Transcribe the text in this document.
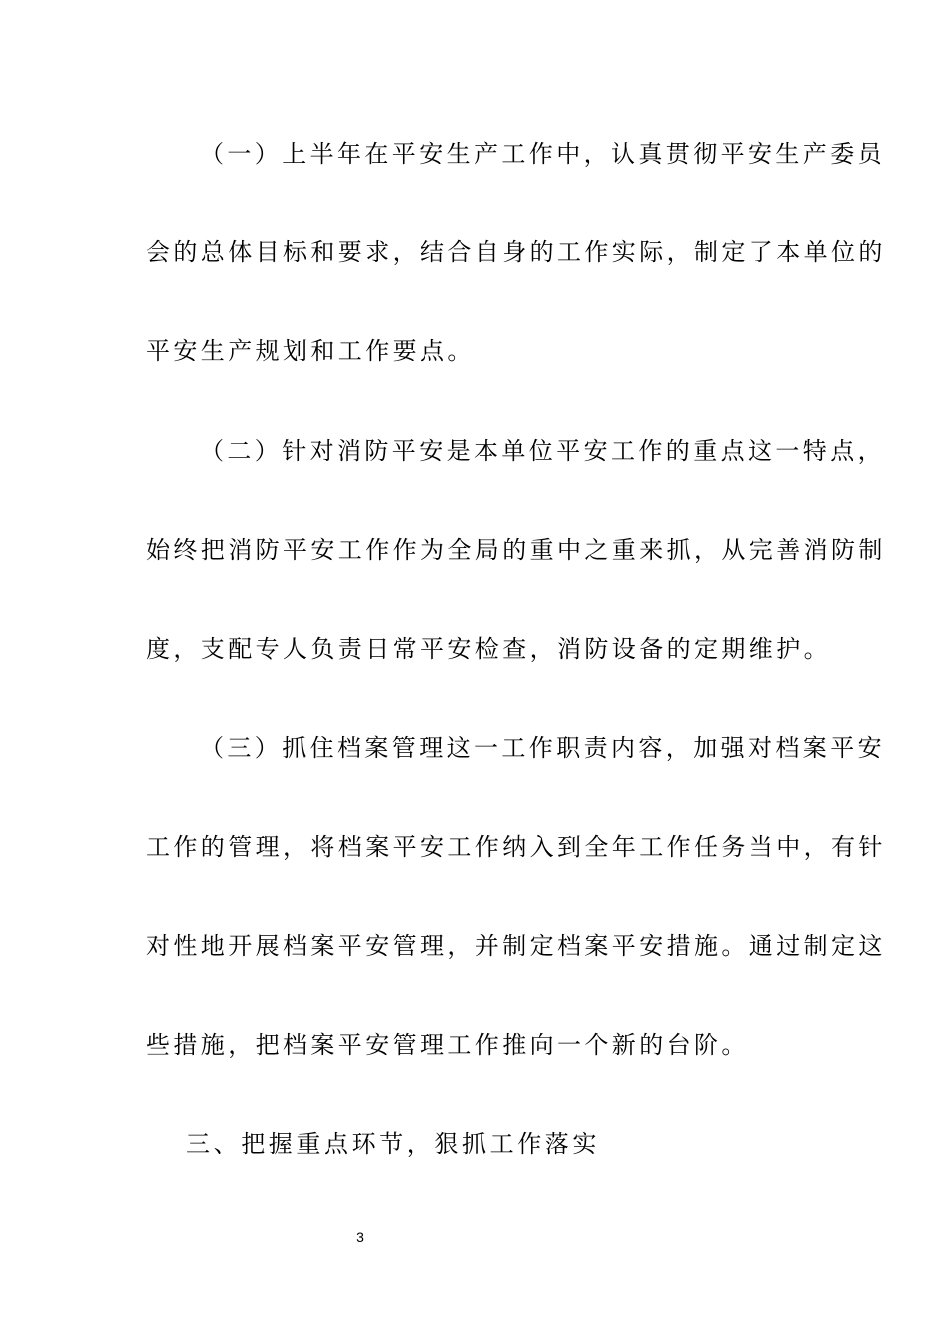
（一）上半年在平安生产工作中，认真贯彻平安生产委员
会的总体目标和要求，结合自身的工作实际，制定了本单位的
平安生产规划和工作要点。
（二）针对消防平安是本单位平安工作的重点这一特点，
始终把消防平安工作作为全局的重中之重来抓，从完善消防制
度，支配专人负责日常平安检查，消防设备的定期维护。
（三）抓住档案管理这一工作职责内容，加强对档案平安
工作的管理，将档案平安工作纳入到全年工作任务当中，有针
对性地开展档案平安管理，并制定档案平安措施。通过制定这
些措施，把档案平安管理工作推向一个新的台阶。
三、把握重点环节，狠抓工作落实
3
